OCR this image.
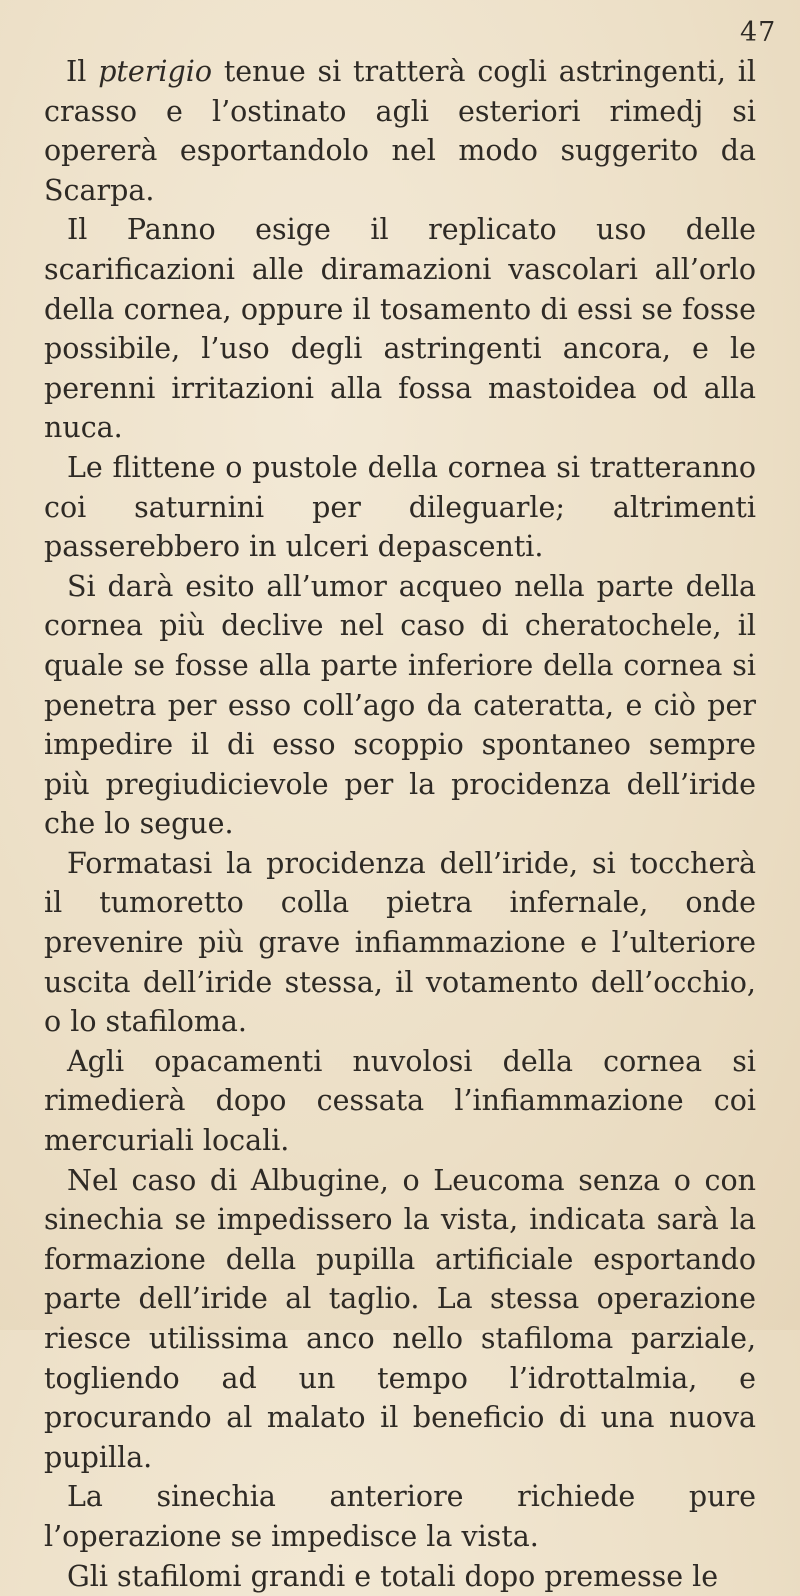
47

Il pterigio tenue si tratterà cogli astringenti, il crasso e l’ostinato agli esteriori rimedj si opererà esportandolo nel modo suggerito da Scarpa.

Il Panno esige il replicato uso delle scarificazioni alle diramazioni vascolari all’orlo della cornea, oppure il tosamento di essi se fosse possibile, l’uso degli astringenti ancora, e le perenni irritazioni alla fossa mastoidea od alla nuca.

Le flittene o pustole della cornea si tratteranno coi saturnini per dileguarle; altrimenti passerebbero in ulceri depascenti.

Si darà esito all’umor acqueo nella parte della cornea più declive nel caso di cheratochele, il quale se fosse alla parte inferiore della cornea si penetra per esso coll’ago da cateratta, e ciò per impedire il di esso scoppio spontaneo sempre più pregiudicievole per la procidenza dell’iride che lo segue.

Formatasi la procidenza dell’iride, si toccherà il tumoretto colla pietra infernale, onde prevenire più grave infiammazione e l’ulteriore uscita dell’iride stessa, il votamento dell’occhio, o lo stafiloma.

Agli opacamenti nuvolosi della cornea si rimedierà dopo cessata l’infiammazione coi mercuriali locali.

Nel caso di Albugine, o Leucoma senza o con sinechia se impedissero la vista, indicata sarà la formazione della pupilla artificiale esportando parte dell’iride al taglio. La stessa operazione riesce utilissima anco nello stafiloma parziale, togliendo ad un tempo l’idrottalmia, e procurando al malato il beneficio di una nuova pupilla.

La sinechia anteriore richiede pure l’operazione se impedisce la vista.

Gli stafilomi grandi e totali dopo premesse le
